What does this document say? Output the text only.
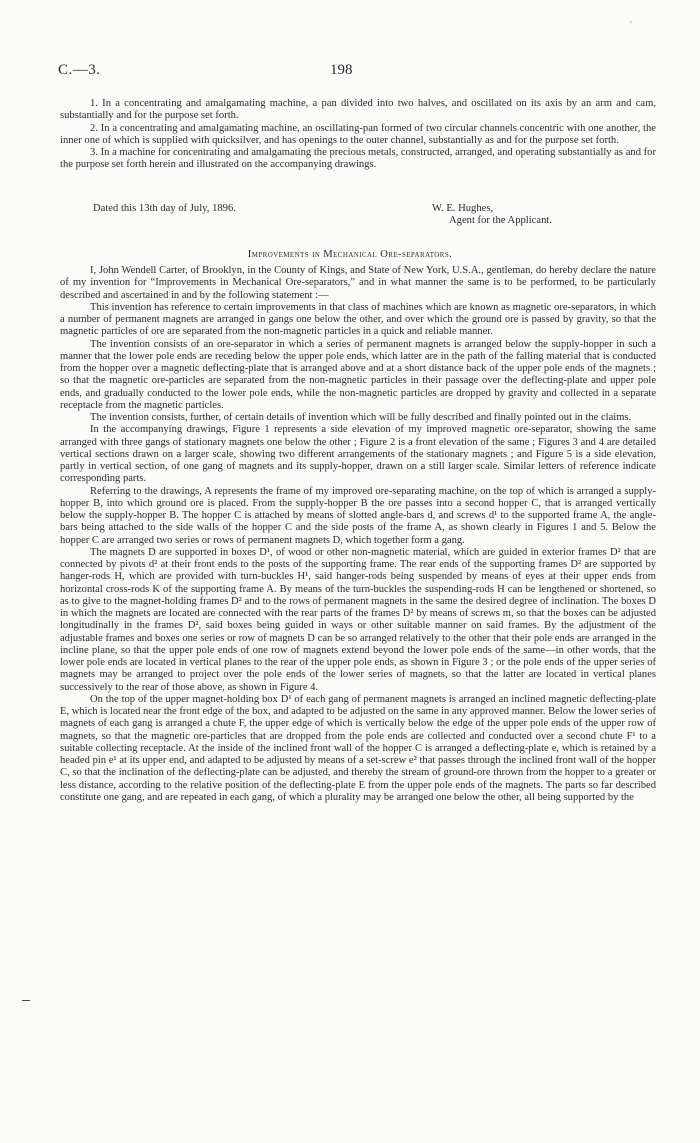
'
C.—3.	198

1. In a concentrating and amalgamating machine, a pan divided into two halves, and oscillated on its axis by an arm and cam, substantially and for the purpose set forth.

2. In a concentrating and amalgamating machine, an oscillating-pan formed of two circular channels concentric with one another, the inner one of which is supplied with quicksilver, and has openings to the outer channel, substantially as and for the purpose set forth.

3. In a machine for concentrating and amalgamating the precious metals, constructed, arranged, and operating substantially as and for the purpose set forth herein and illustrated on the accompanying drawings.

Dated this 13th day of July, 1896.	W. E. Hughes,
Agent for the Applicant.
Improvements in Mechanical Ore-separators.

I, John Wendell Carter, of Brooklyn, in the County of Kings, and State of New York, U.S.A., gentleman, do hereby declare the nature of my invention for “Improvements in Mechanical Ore-separators,” and in what manner the same is to be performed, to be particularly described and ascertained in and by the following statement :—

This invention has reference to certain improvements in that class of machines which are known as magnetic ore-separators, in which a number of permanent magnets are arranged in gangs one below the other, and over which the ground ore is passed by gravity, so that the magnetic particles of ore are separated from the non-magnetic particles in a quick and reliable manner.

The invention consists of an ore-separator in which a series of permanent magnets is arranged below the supply-hopper in such a manner that the lower pole ends are receding below the upper pole ends, which latter are in the path of the falling material that is conducted from the hopper over a magnetic deflecting-plate that is arranged above and at a short distance back of the upper pole ends of the magnets ; so that the magnetic ore-particles are separated from the non-magnetic particles in their passage over the deflecting-plate and upper pole ends, and gradually conducted to the lower pole ends, while the non-magnetic particles are dropped by gravity and collected in a separate receptacle from the magnetic particles.

The invention consists, further, of certain details of invention which will be fully described and finally pointed out in the claims.

In the accompanying drawings, Figure 1 represents a side elevation of my improved magnetic ore-separator, showing the same arranged with three gangs of stationary magnets one below the other ; Figure 2 is a front elevation of the same ; Figures 3 and 4 are detailed vertical sections drawn on a larger scale, showing two different arrangements of the stationary magnets ; and Figure 5 is a side elevation, partly in vertical section, of one gang of magnets and its supply-hopper, drawn on a still larger scale. Similar letters of reference indicate corresponding parts.

Referring to the drawings, A represents the frame of my improved ore-separating machine, on the top of which is arranged a supply-hopper B, into which ground ore is placed. From the supply-hopper B the ore passes into a second hopper C, that is arranged vertically below the supply-hopper B. The hopper C is attached by means of slotted angle-bars d, and screws d¹ to the supported frame A, the angle-bars being attached to the side walls of the hopper C and the side posts of the frame A, as shown clearly in Figures 1 and 5. Below the hopper C are arranged two series or rows of permanent magnets D, which together form a gang.

The magnets D are supported in boxes D¹, of wood or other non-magnetic material, which are guided in exterior frames D² that are connected by pivots d² at their front ends to the posts of the supporting frame. The rear ends of the supporting frames D² are supported by hanger-rods H, which are provided with turn-buckles H¹, said hanger-rods being suspended by means of eyes at their upper ends from horizontal cross-rods K of the supporting frame A. By means of the turn-buckles the suspending-rods H can be lengthened or shortened, so as to give to the magnet-holding frames D² and to the rows of permanent magnets in the same the desired degree of inclination. The boxes D in which the magnets are located are connected with the rear parts of the frames D² by means of screws m, so that the boxes can be adjusted longitudinally in the frames D², said boxes being guided in ways or other suitable manner on said frames. By the adjustment of the adjustable frames and boxes one series or row of magnets D can be so arranged relatively to the other that their pole ends are arranged in the incline plane, so that the upper pole ends of one row of magnets extend beyond the lower pole ends of the same—in other words, that the lower pole ends are located in vertical planes to the rear of the upper pole ends, as shown in Figure 3 ; or the pole ends of the upper series of magnets may be arranged to project over the pole ends of the lower series of magnets, so that the latter are located in vertical planes successively to the rear of those above, as shown in Figure 4.

On the top of the upper magnet-holding box D¹ of each gang of permanent magnets is arranged an inclined magnetic deflecting-plate E, which is located near the front edge of the box, and adapted to be adjusted on the same in any approved manner. Below the lower series of magnets of each gang is arranged a chute F, the upper edge of which is vertically below the edge of the upper pole ends of the upper row of magnets, so that the magnetic ore-particles that are dropped from the pole ends are collected and conducted over a second chute F¹ to a suitable collecting receptacle. At the inside of the inclined front wall of the hopper C is arranged a deflecting-plate e, which is retained by a headed pin e¹ at its upper end, and adapted to be adjusted by means of a set-screw e² that passes through the inclined front wall of the hopper C, so that the inclination of the deflecting-plate can be adjusted, and thereby the stream of ground-ore thrown from the hopper to a greater or less distance, according to the relative position of the deflecting-plate E from the upper pole ends of the magnets. The parts so far described constitute one gang, and are repeated in each gang, of which a plurality may be arranged one below the other, all being supported by the
